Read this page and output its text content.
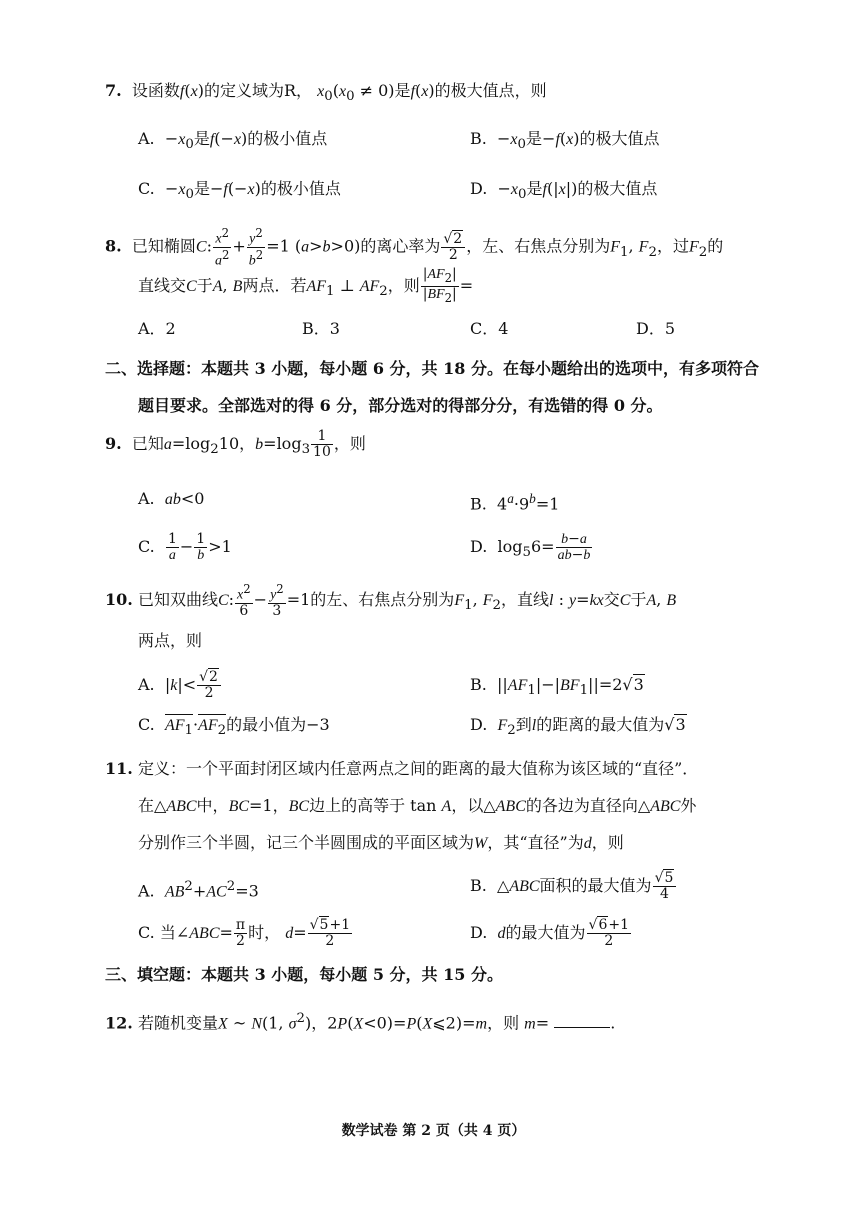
7. 设函数f(x)的定义域为R， $x_0(x_0 \ne 0)$是f(x)的极大值点，则
A.  $-x_0$是f(−x)的极小值点	B.  $-x_0$是−f(x)的极大值点
C.  $-x_0$是−f(−x)的极小值点	D.  $-x_0$是f(|x|)的极大值点
8. 已知椭圆C: $\frac{x^2}{a^2} + \frac{y^2}{b^2} =1$ (a>b>0)的离心率为 $\frac{√2}{2}$ ，左、右焦点分别为$F_1$, $F_2$，过$F_2$的
直线交C于A, B两点．若$AF_1$ ⊥ $AF_2$，则 $\frac{|AF_2|}{|BF_2|}$ =
A．2	B．3	C．4	D．5
二、选择题：本题共 3 小题，每小题 6 分，共 18 分。在每小题给出的选项中，有多项符合
题目要求。全部选对的得 6 分，部分选对的得部分分，有选错的得 0 分。
9. 已知$a=\log_210$，$b=\log_3 \frac{1}{10}$ ，则
A. ab<0	B.  $4^a\cdot 9^b=1$
C. $\frac{1}{a} - \frac{1}{b} >1$	D.  $\log_56= \frac{b-a}{ab-b}$
10. 已知双曲线C: $\frac{x^2}{6} - \frac{y^2}{3} =1$的左、右焦点分别为$F_1$, $F_2$，直线l : y=kx交C于A, B
两点，则
A.  $|k|< \frac{√2}{2}$	B.  $||AF_1|-|BF_1||=2√3$
C. $AF_1\cdot AF_2$的最小值为−3	D. $F_2$到l的距离的最大值为√3
11. 定义：一个平面封闭区域内任意两点之间的距离的最大值称为该区域的“直径”．
在△ABC中，BC=1，BC边上的高等于 tan A，以△ABC的各边为直径向△ABC外
分别作三个半圆，记三个半圆围成的平面区域为W，其“直径”为d，则
A. $AB^2+AC^2=3$	B.  △ABC面积的最大值为 $\frac{√5}{4}$
C. 当∠ABC= $\frac{\pi}{2}$ 时， $d= \frac{√5+1}{2}$	D. d的最大值为 $\frac{√6+1}{2}$
三、填空题：本题共 3 小题，每小题 5 分，共 15 分。
12. 若随机变量X ~ N(1, $\sigma^2$)，2P(X<0)=P(X⩽2)=m，则 m=	.
数学试卷 第 2 页（共 4 页）
